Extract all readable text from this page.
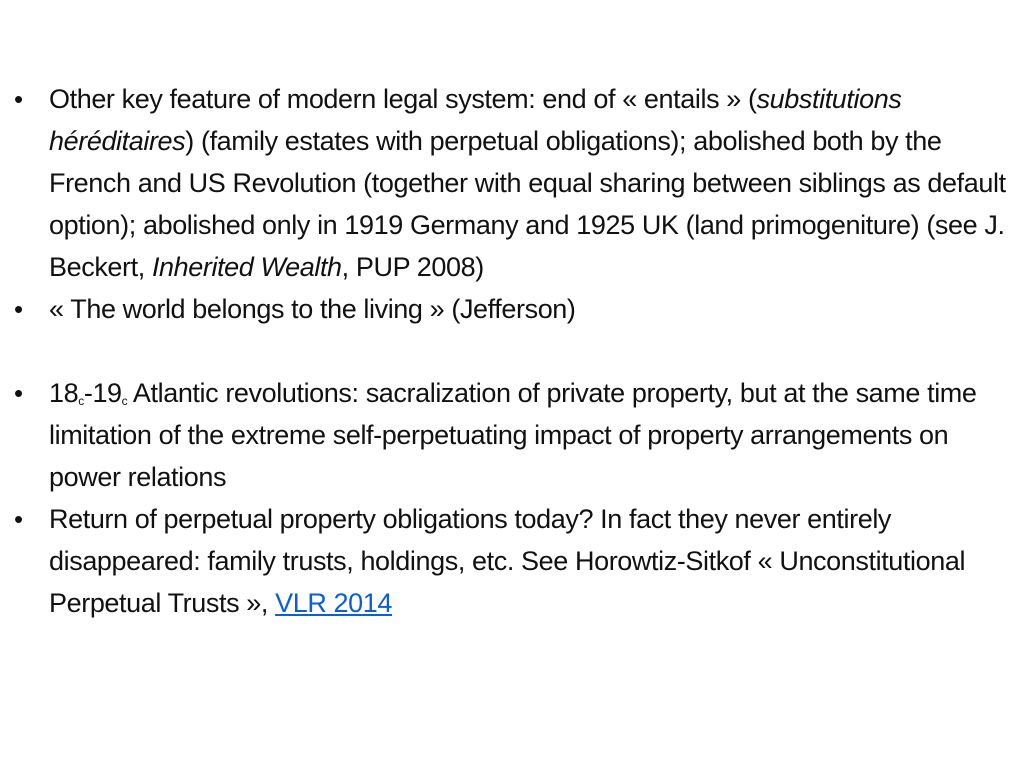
• Other key feature of modern legal system: end of « entails » (substitutions héréditaires) (family estates with perpetual obligations); abolished both by the French and US Revolution (together with equal sharing between siblings as default option); abolished only in 1919 Germany and 1925 UK (land primogeniture) (see J. Beckert, Inherited Wealth, PUP 2008)
• « The world belongs to the living » (Jefferson)
• 18$^c$-19$^c$ Atlantic revolutions: sacralization of private property, but at the same time limitation of the extreme self-perpetuating impact of property arrangements on power relations
• Return of perpetual property obligations today? In fact they never entirely disappeared: family trusts, holdings, etc. See Horowtiz-Sitkof « Unconstitutional Perpetual Trusts », VLR 2014
